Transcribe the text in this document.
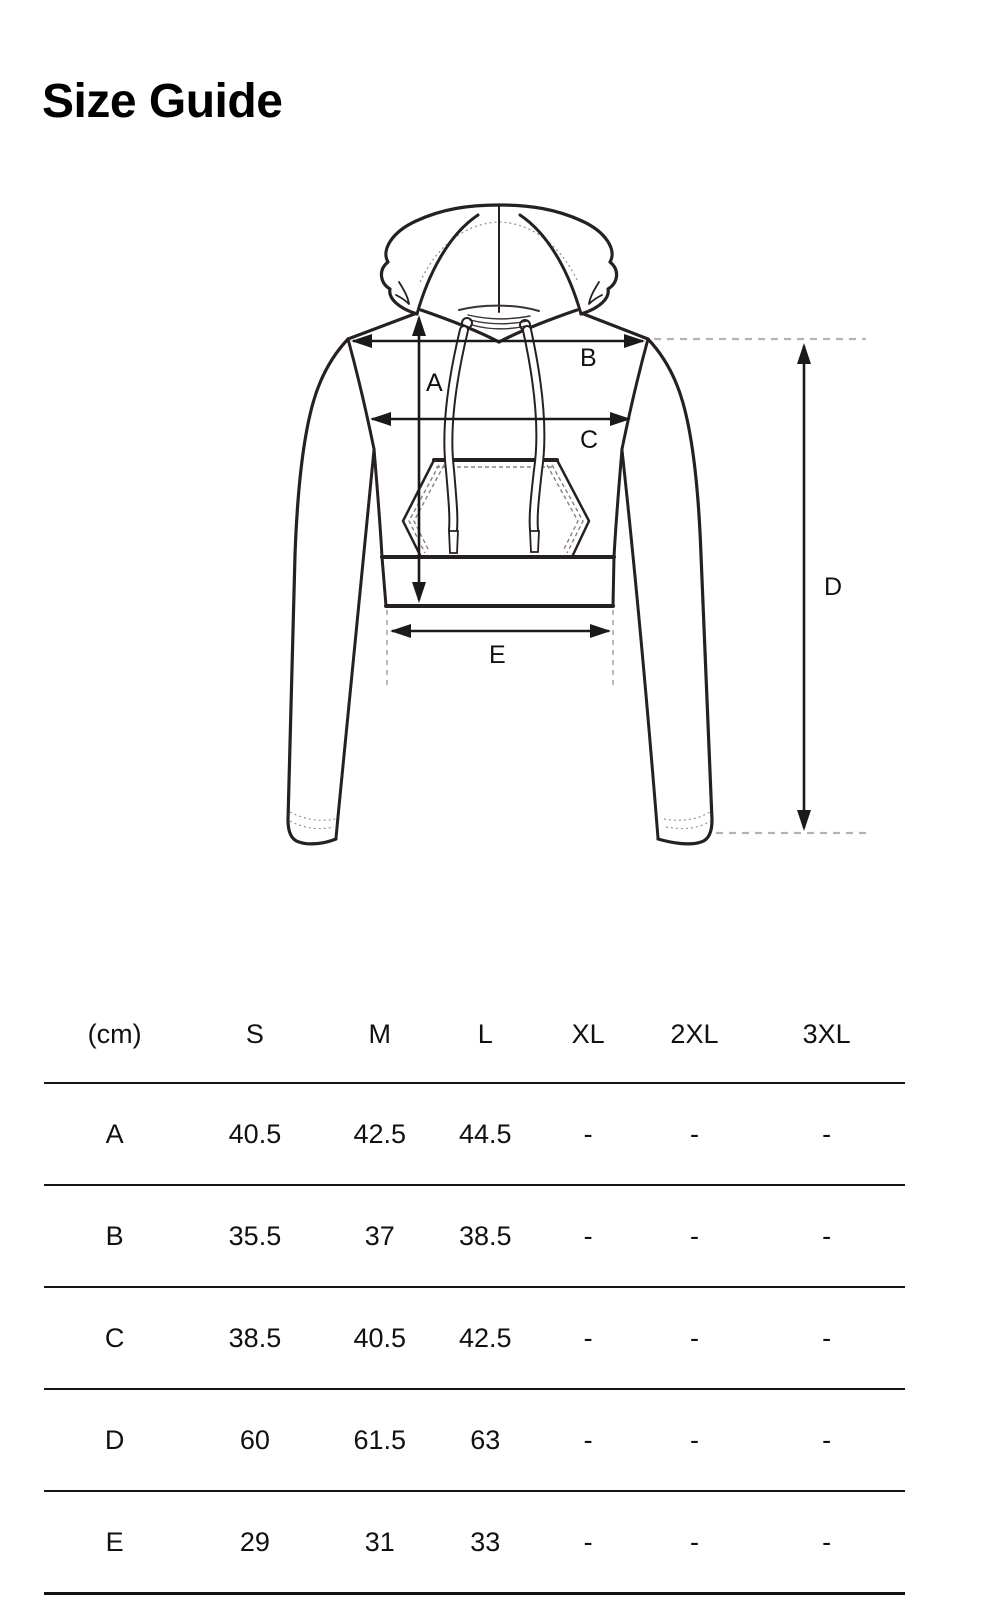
Size Guide
A
B
C
D
E
(cm)	S	M	L	XL	2XL	3XL
A	40.5	42.5	44.5	-	-	-
B	35.5	37	38.5	-	-	-
C	38.5	40.5	42.5	-	-	-
D	60	61.5	63	-	-	-
E	29	31	33	-	-	-
